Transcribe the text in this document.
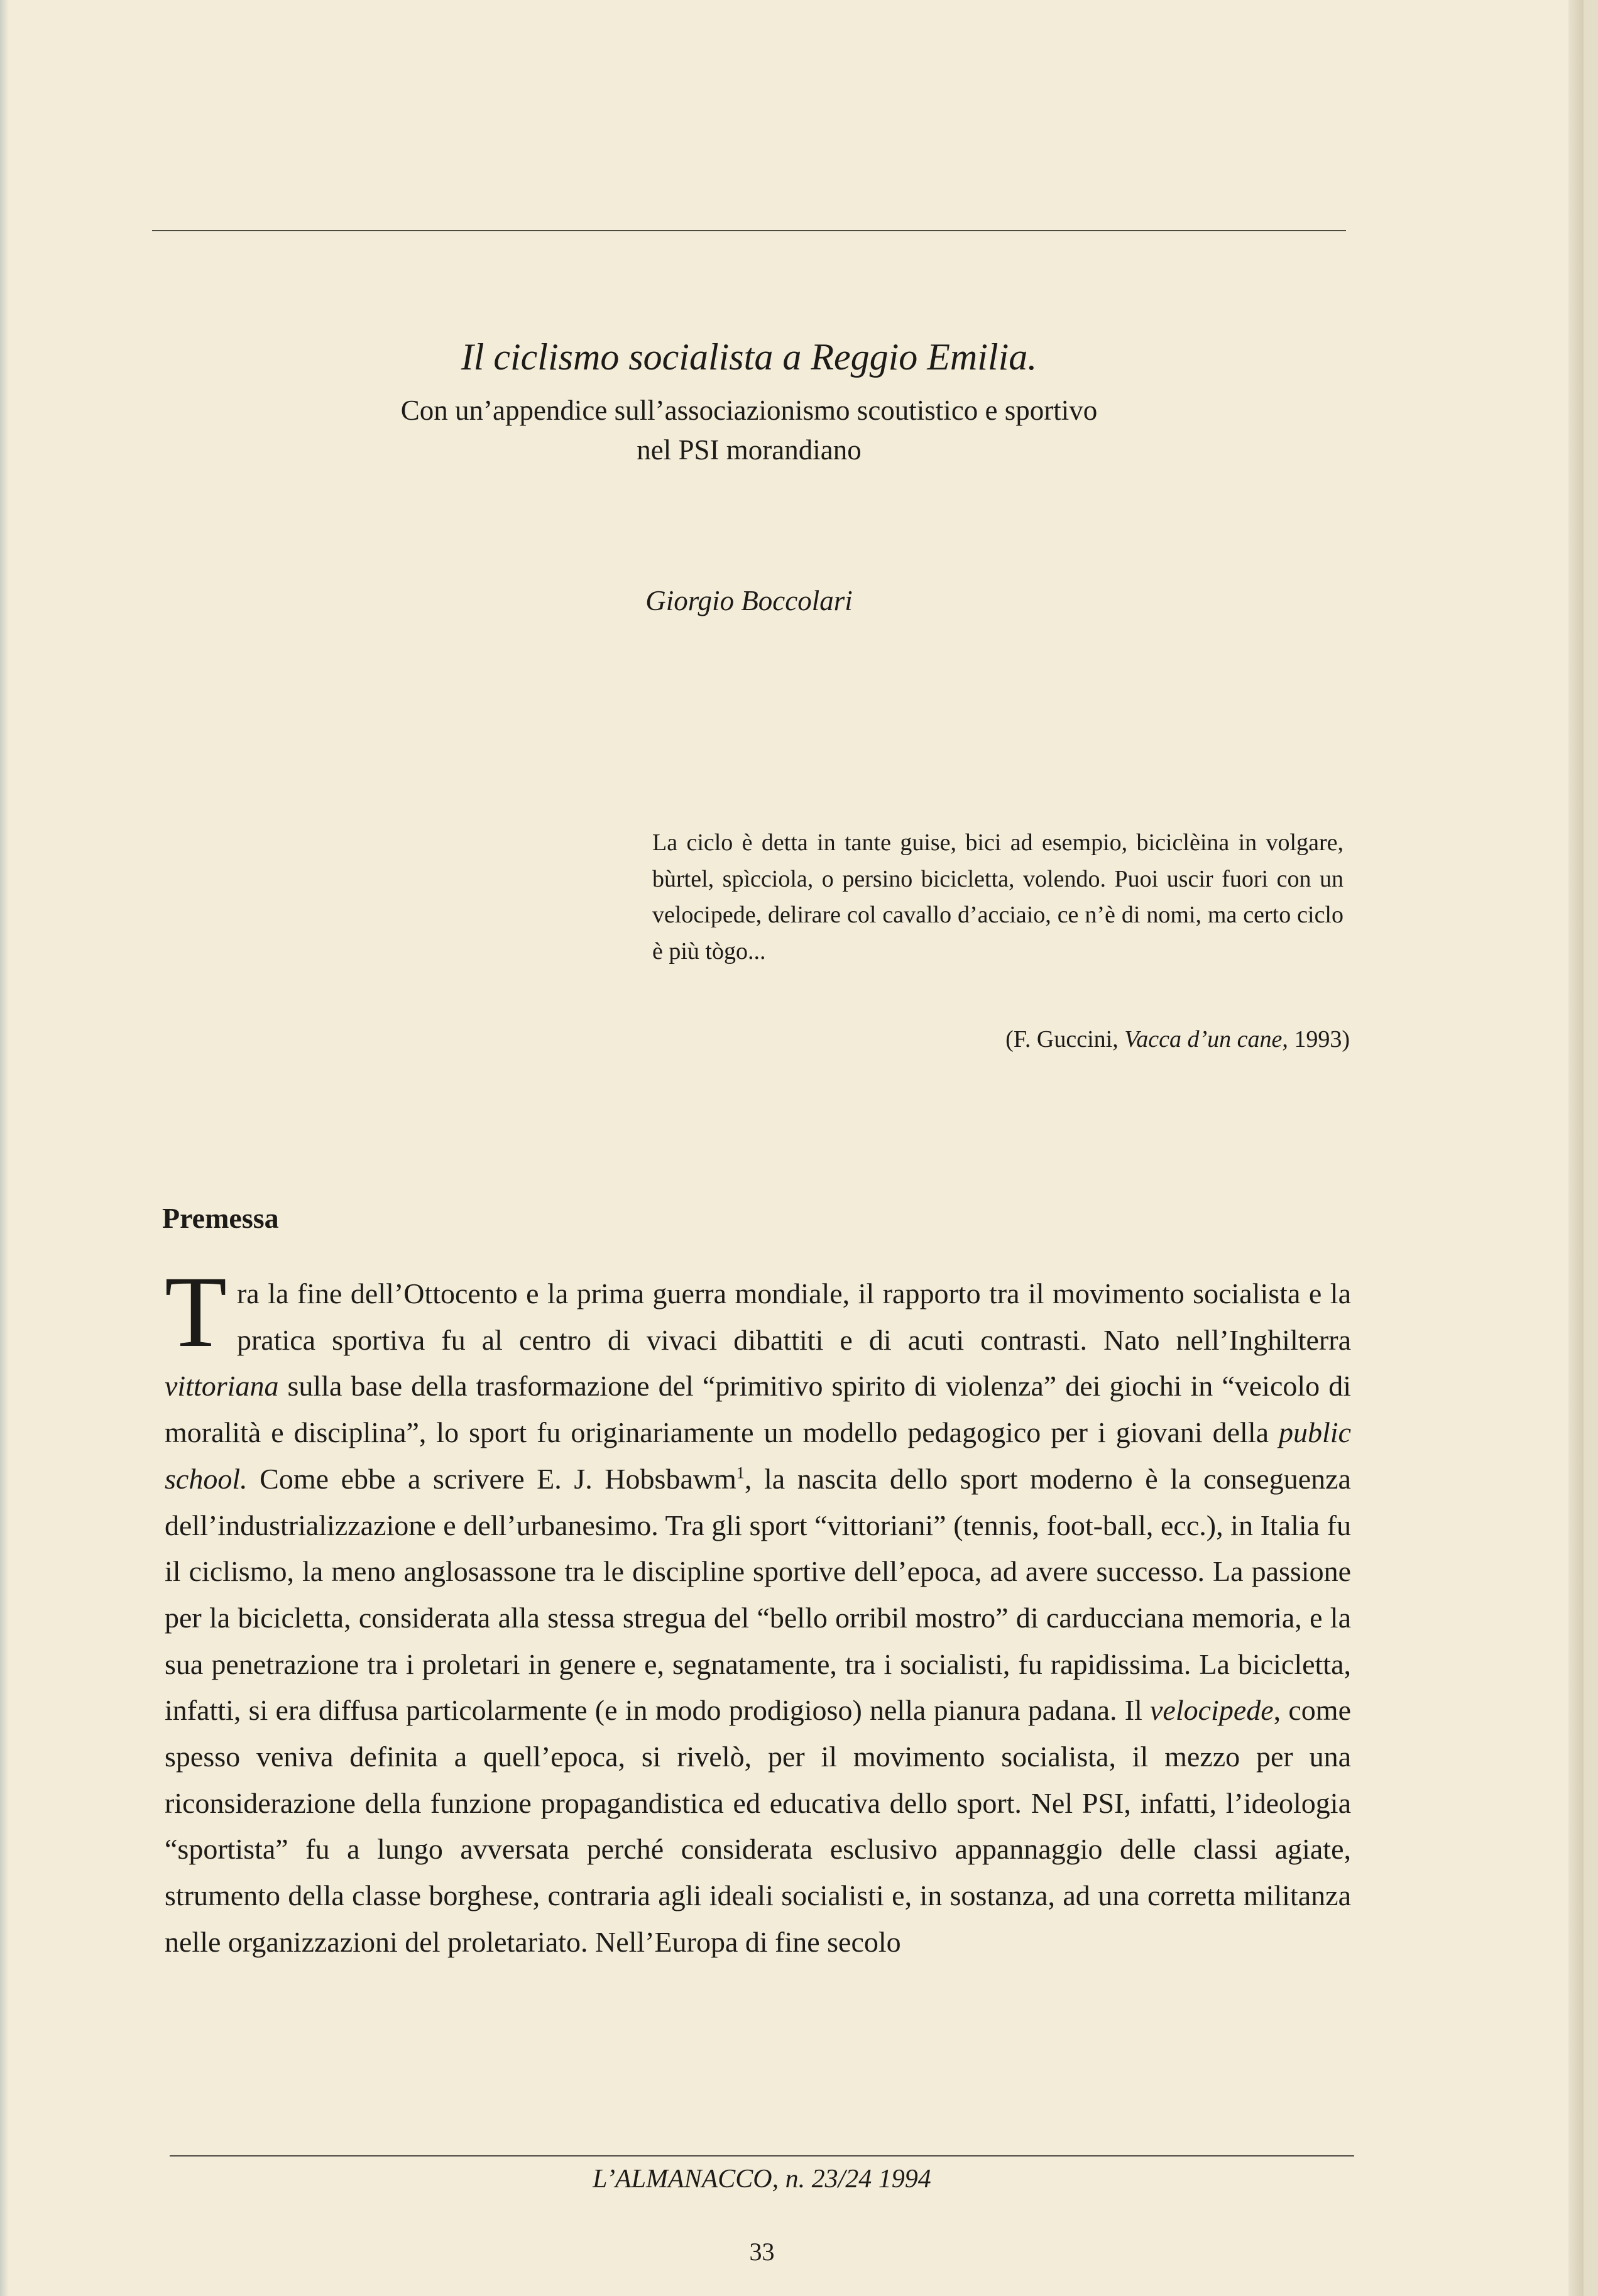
Il ciclismo socialista a Reggio Emilia.
Con un’appendice sull’associazionismo scoutistico e sportivo
nel PSI morandiano
Giorgio Boccolari
La ciclo è detta in tante guise, bici ad esempio, biciclèina in volgare, bùrtel, spìcciola, o persino bicicletta, volendo. Puoi uscir fuori con un velocipede, delirare col cavallo d’acciaio, ce n’è di nomi, ma certo ciclo è più tògo...
(F. Guccini, Vacca d’un cane, 1993)
Premessa
Tra la fine dell’Ottocento e la prima guerra mondiale, il rapporto tra il movimento socialista e la pratica sportiva fu al centro di vivaci dibattiti e di acuti contrasti. Nato nell’Inghilterra vittoriana sulla base della trasformazione del “primitivo spirito di violenza” dei giochi in “veicolo di moralità e disciplina”, lo sport fu originariamente un modello pedagogico per i giovani della public school. Come ebbe a scrivere E. J. Hobsbawm$^1$, la nascita dello sport moderno è la conseguenza dell’industrializzazione e dell’urbanesimo. Tra gli sport “vittoriani” (tennis, foot-ball, ecc.), in Italia fu il ciclismo, la meno anglosassone tra le discipline sportive dell’epoca, ad avere successo. La passione per la bicicletta, considerata alla stessa stregua del “bello orribil mostro” di carducciana memoria, e la sua penetrazione tra i proletari in genere e, segnatamente, tra i socialisti, fu rapidissima. La bicicletta, infatti, si era diffusa particolarmente (e in modo prodigioso) nella pianura padana. Il velocipede, come spesso veniva definita a quell’epoca, si rivelò, per il movimento socialista, il mezzo per una riconsiderazione della funzione propagandistica ed educativa dello sport. Nel PSI, infatti, l’ideologia “sportista” fu a lungo avversata perché considerata esclusivo appannaggio delle classi agiate, strumento della classe borghese, contraria agli ideali socialisti e, in sostanza, ad una corretta militanza nelle organizzazioni del proletariato. Nell’Europa di fine secolo
L’ALMANACCO, n. 23/24 1994
33
